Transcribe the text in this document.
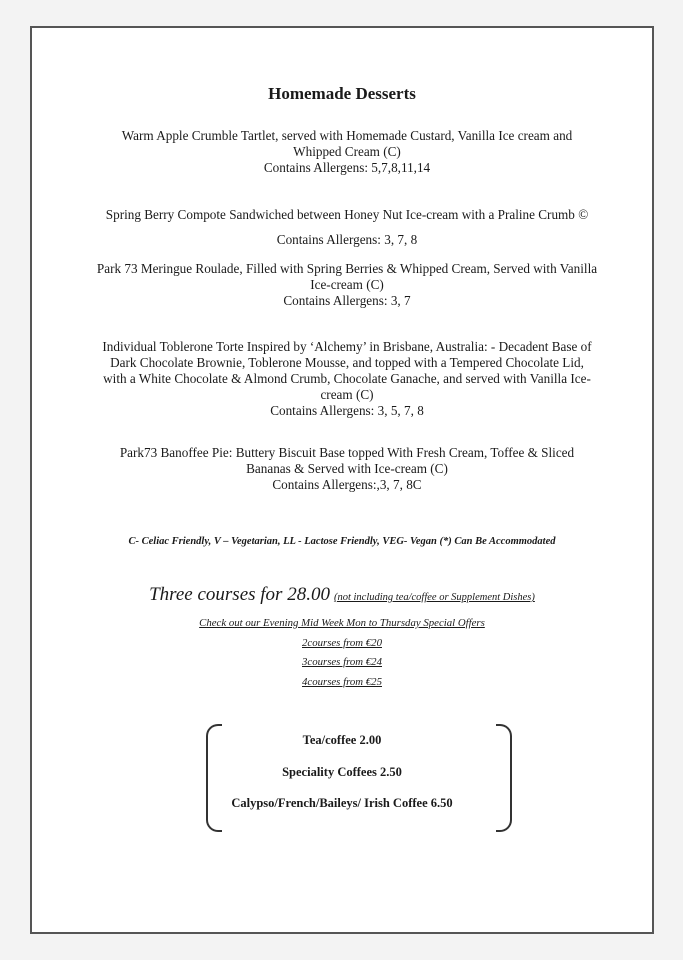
Homemade Desserts
Warm Apple Crumble Tartlet, served with Homemade Custard, Vanilla Ice cream and
Whipped Cream (C)
Contains Allergens: 5,7,8,11,14
Spring Berry Compote Sandwiched between Honey Nut Ice-cream with a Praline Crumb ©
Contains Allergens: 3, 7, 8
Park 73 Meringue Roulade, Filled with Spring Berries & Whipped Cream, Served with Vanilla
Ice-cream (C)
Contains Allergens: 3, 7
Individual Toblerone Torte Inspired by ‘Alchemy’ in Brisbane, Australia: - Decadent Base of
Dark Chocolate Brownie, Toblerone Mousse, and topped with a Tempered Chocolate Lid,
with a White Chocolate & Almond Crumb, Chocolate Ganache, and served with Vanilla Ice-
cream (C)
Contains Allergens: 3, 5, 7, 8
Park73 Banoffee Pie: Buttery Biscuit Base topped With Fresh Cream, Toffee & Sliced
Bananas & Served with Ice-cream (C)
Contains Allergens:,3, 7, 8C
C- Celiac Friendly, V – Vegetarian, LL - Lactose Friendly, VEG- Vegan (*) Can Be Accommodated
Three courses for 28.00 (not including tea/coffee or Supplement Dishes)
Check out our Evening Mid Week Mon to Thursday Special Offers
2courses from €20
3courses from €24
4courses from €25
Tea/coffee 2.00
Speciality Coffees 2.50
Calypso/French/Baileys/ Irish Coffee 6.50
